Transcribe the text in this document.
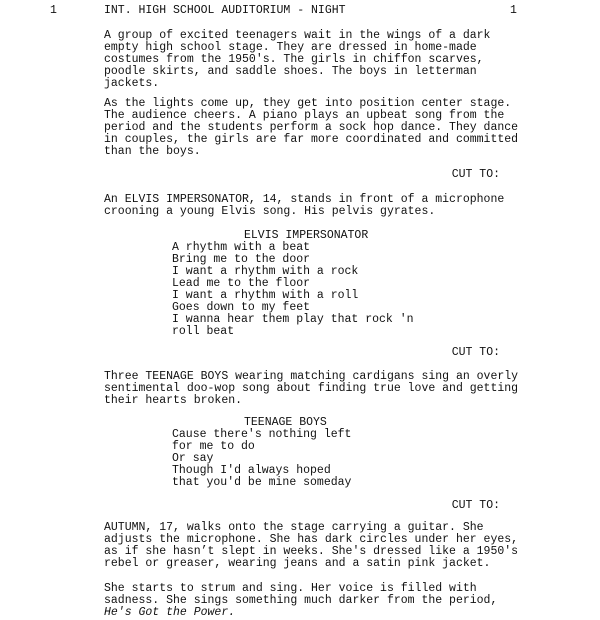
1	INT. HIGH SCHOOL AUDITORIUM - NIGHT	1
A group of excited teenagers wait in the wings of a dark
empty high school stage. They are dressed in home-made
costumes from the 1950's. The girls in chiffon scarves,
poodle skirts, and saddle shoes. The boys in letterman
jackets.
As the lights come up, they get into position center stage.
The audience cheers. A piano plays an upbeat song from the
period and the students perform a sock hop dance. They dance
in couples, the girls are far more coordinated and committed
than the boys.
CUT TO:
An ELVIS IMPERSONATOR, 14, stands in front of a microphone
crooning a young Elvis song. His pelvis gyrates.
ELVIS IMPERSONATOR
A rhythm with a beat
Bring me to the door
I want a rhythm with a rock
Lead me to the floor
I want a rhythm with a roll
Goes down to my feet
I wanna hear them play that rock 'n
roll beat
CUT TO:
Three TEENAGE BOYS wearing matching cardigans sing an overly
sentimental doo-wop song about finding true love and getting
their hearts broken.
TEENAGE BOYS
Cause there's nothing left
for me to do
Or say
Though I'd always hoped
that you'd be mine someday
CUT TO:
AUTUMN, 17, walks onto the stage carrying a guitar. She
adjusts the microphone. She has dark circles under her eyes,
as if she hasn’t slept in weeks. She's dressed like a 1950's
rebel or greaser, wearing jeans and a satin pink jacket.
She starts to strum and sing. Her voice is filled with
sadness. She sings something much darker from the period,
He's Got the Power.
